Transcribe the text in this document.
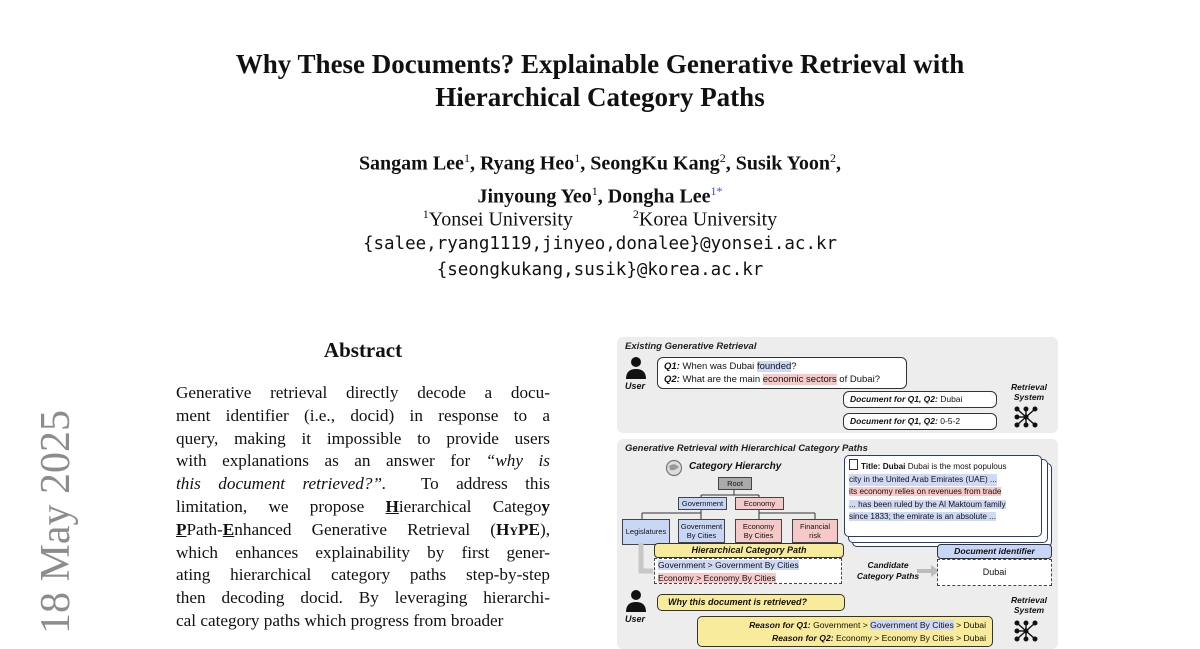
Why These Documents? Explainable Generative Retrieval with
Hierarchical Category Paths
Sangam Lee$^1$, Ryang Heo$^1$, SeongKu Kang$^2$, Susik Yoon$^2$,
Jinyoung Yeo$^1$, Dongha Lee$^{1*}$
$^1$Yonsei University	$^2$Korea University
{salee,ryang1119,jinyeo,donalee}@yonsei.ac.kr
{seongkukang,susik}@korea.ac.kr
18 May 2025
Abstract
Generative retrieval directly decode a docu-
ment identifier (i.e., docid) in response to a
query, making it impossible to provide users
with explanations as an answer for “why is
this document retrieved?”.  To address this
limitation, we propose Hierarchical Categoy
PPath-Enhanced Generative Retrieval (HyPE),
which enhances explainability by first gener-
ating hierarchical category paths step-by-step
then decoding docid. By leveraging hierarchi-
cal category paths which progress from broader
Existing Generative Retrieval
User
Q1: When was Dubai founded?
Q2: What are the main economic sectors of Dubai?
Document for Q1, Q2: Dubai
Document for Q1, Q2: 0-5-2
Retrieval
System
Generative Retrieval with Hierarchical Category Paths
Category Hierarchy
Root
Government	Economy
Legislatures
Government
By Cities
Economy
By Cities
Financial
risk
Title: Dubai Dubai is the most populous
city in the United Arab Emirates (UAE) ...
its economy relies on revenues from trade
... has been ruled by the Al Maktoum family
since 1833; the emirate is an absolute ...
Hierarchical Category Path
Government > Government By Cities
Economy > Economy By Cities
Candidate
Category Paths
Document identifier
Dubai
User
Why this document is retrieved?
Reason for Q1: Government > Government By Cities > Dubai
Reason for Q2: Economy > Economy By Cities > Dubai
Retrieval
System
